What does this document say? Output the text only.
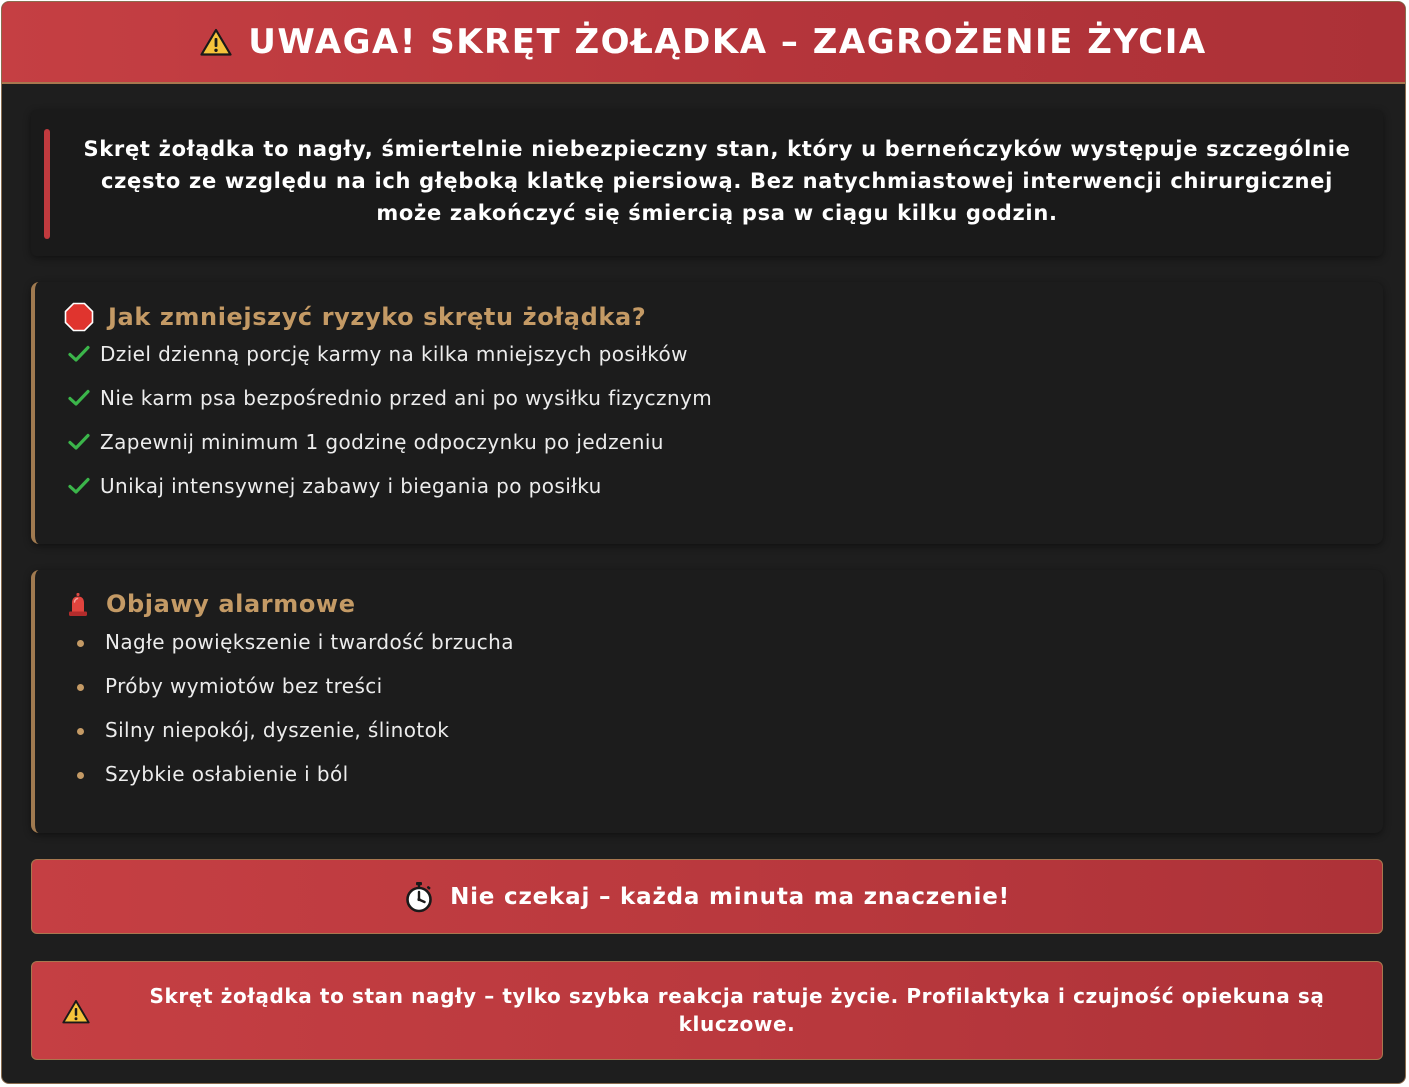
UWAGA! SKRĘT ŻOŁĄDKA – ZAGROŻENIE ŻYCIA
Skręt żołądka to nagły, śmiertelnie niebezpieczny stan, który u berneńczyków występuje szczególnie często ze względu na ich głęboką klatkę piersiową. Bez natychmiastowej interwencji chirurgicznej może zakończyć się śmiercią psa w ciągu kilku godzin.
Jak zmniejszyć ryzyko skrętu żołądka?
Dziel dzienną porcję karmy na kilka mniejszych posiłków
Nie karm psa bezpośrednio przed ani po wysiłku fizycznym
Zapewnij minimum 1 godzinę odpoczynku po jedzeniu
Unikaj intensywnej zabawy i biegania po posiłku
Objawy alarmowe
Nagłe powiększenie i twardość brzucha
Próby wymiotów bez treści
Silny niepokój, dyszenie, ślinotok
Szybkie osłabienie i ból
Nie czekaj – każda minuta ma znaczenie!
Skręt żołądka to stan nagły – tylko szybka reakcja ratuje życie. Profilaktyka i czujność opiekuna są kluczowe.
